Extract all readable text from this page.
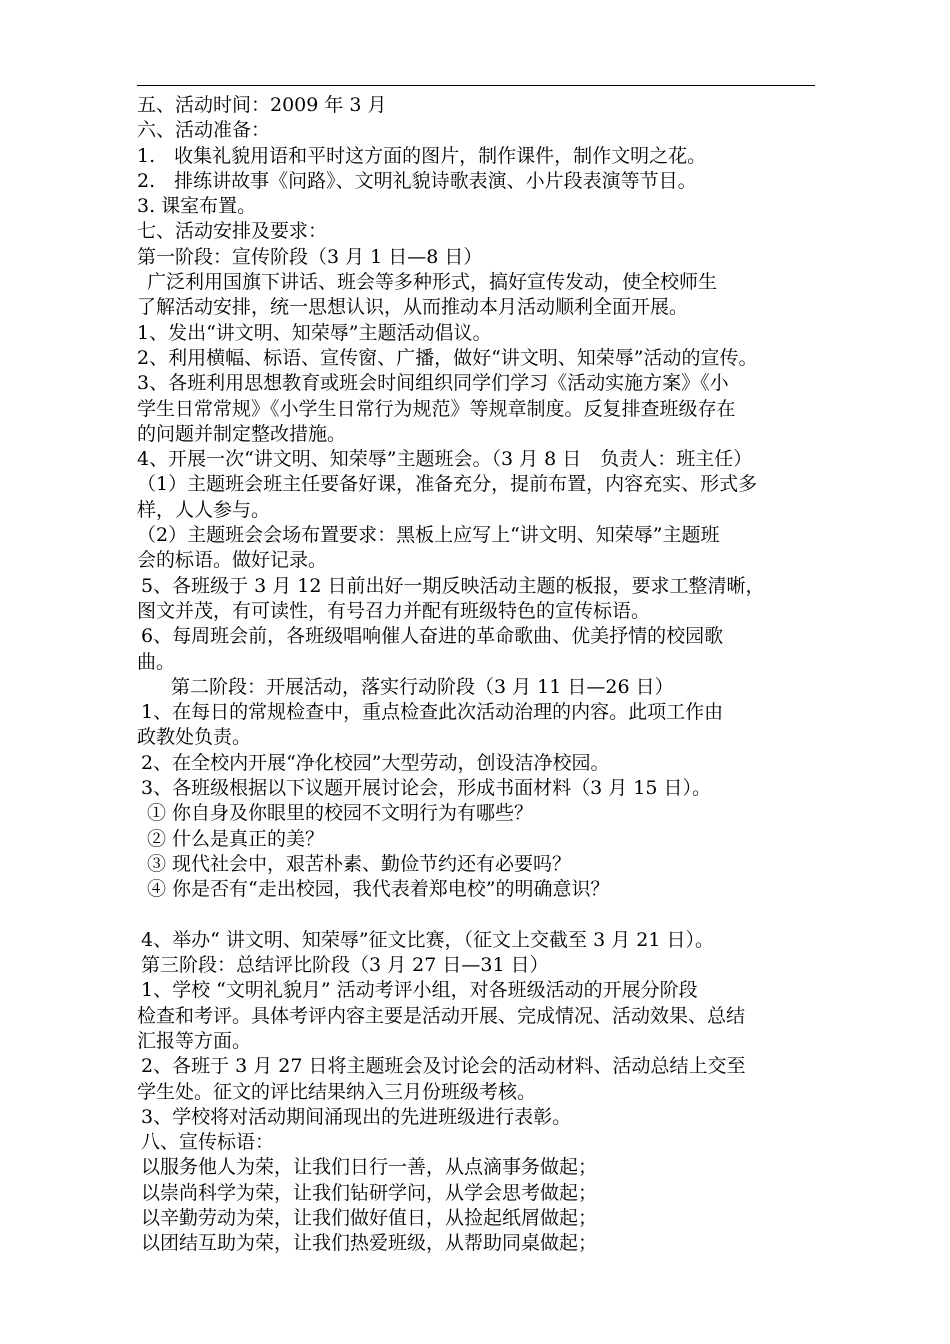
五、活动时间：2009 年 3 月
六、活动准备：
1.　收集礼貌用语和平时这方面的图片，制作课件，制作文明之花。
2.　排练讲故事《问路》、文明礼貌诗歌表演、小片段表演等节目。
3. 课室布置。
七、活动安排及要求：
第一阶段：宣传阶段（3 月 1 日—8 日）
广泛利用国旗下讲话、班会等多种形式，搞好宣传发动，使全校师生
了解活动安排，统一思想认识，从而推动本月活动顺利全面开展。
1、发出“讲文明、知荣辱”主题活动倡议。
2、利用横幅、标语、宣传窗、广播，做好“讲文明、知荣辱”活动的宣传。
3、各班利用思想教育或班会时间组织同学们学习《活动实施方案》《小
学生日常常规》《小学生日常行为规范》等规章制度。反复排查班级存在
的问题并制定整改措施。
4、开展一次“讲文明、知荣辱”主题班会。（3 月 8 日　负责人：班主任）
（1）主题班会班主任要备好课，准备充分，提前布置，内容充实、形式多
样，人人参与。
（2）主题班会会场布置要求：黑板上应写上“讲文明、知荣辱”主题班
会的标语。做好记录。
5、各班级于 3 月 12 日前出好一期反映活动主题的板报，要求工整清晰，
图文并茂，有可读性，有号召力并配有班级特色的宣传标语。
6、每周班会前，各班级唱响催人奋进的革命歌曲、优美抒情的校园歌
曲。
第二阶段：开展活动，落实行动阶段（3 月 11 日—26 日）
1、在每日的常规检查中，重点检查此次活动治理的内容。此项工作由
政教处负责。
2、在全校内开展“净化校园”大型劳动，创设洁净校园。
3、各班级根据以下议题开展讨论会，形成书面材料（3 月 15 日）。
① 你自身及你眼里的校园不文明行为有哪些？
② 什么是真正的美？
③ 现代社会中，艰苦朴素、勤俭节约还有必要吗？
④ 你是否有“走出校园，我代表着郑电校”的明确意识？
4、举办“ 讲文明、知荣辱”征文比赛，（征文上交截至 3 月 21 日）。
第三阶段：总结评比阶段（3 月 27 日—31 日）
1、学校 “文明礼貌月” 活动考评小组，对各班级活动的开展分阶段
检查和考评。具体考评内容主要是活动开展、完成情况、活动效果、总结
汇报等方面。
2、各班于 3 月 27 日将主题班会及讨论会的活动材料、活动总结上交至
学生处。征文的评比结果纳入三月份班级考核。
3、学校将对活动期间涌现出的先进班级进行表彰。
八、宣传标语：
以服务他人为荣，让我们日行一善，从点滴事务做起；
以崇尚科学为荣，让我们钻研学问，从学会思考做起；
以辛勤劳动为荣，让我们做好值日，从捡起纸屑做起；
以团结互助为荣，让我们热爱班级，从帮助同桌做起；
